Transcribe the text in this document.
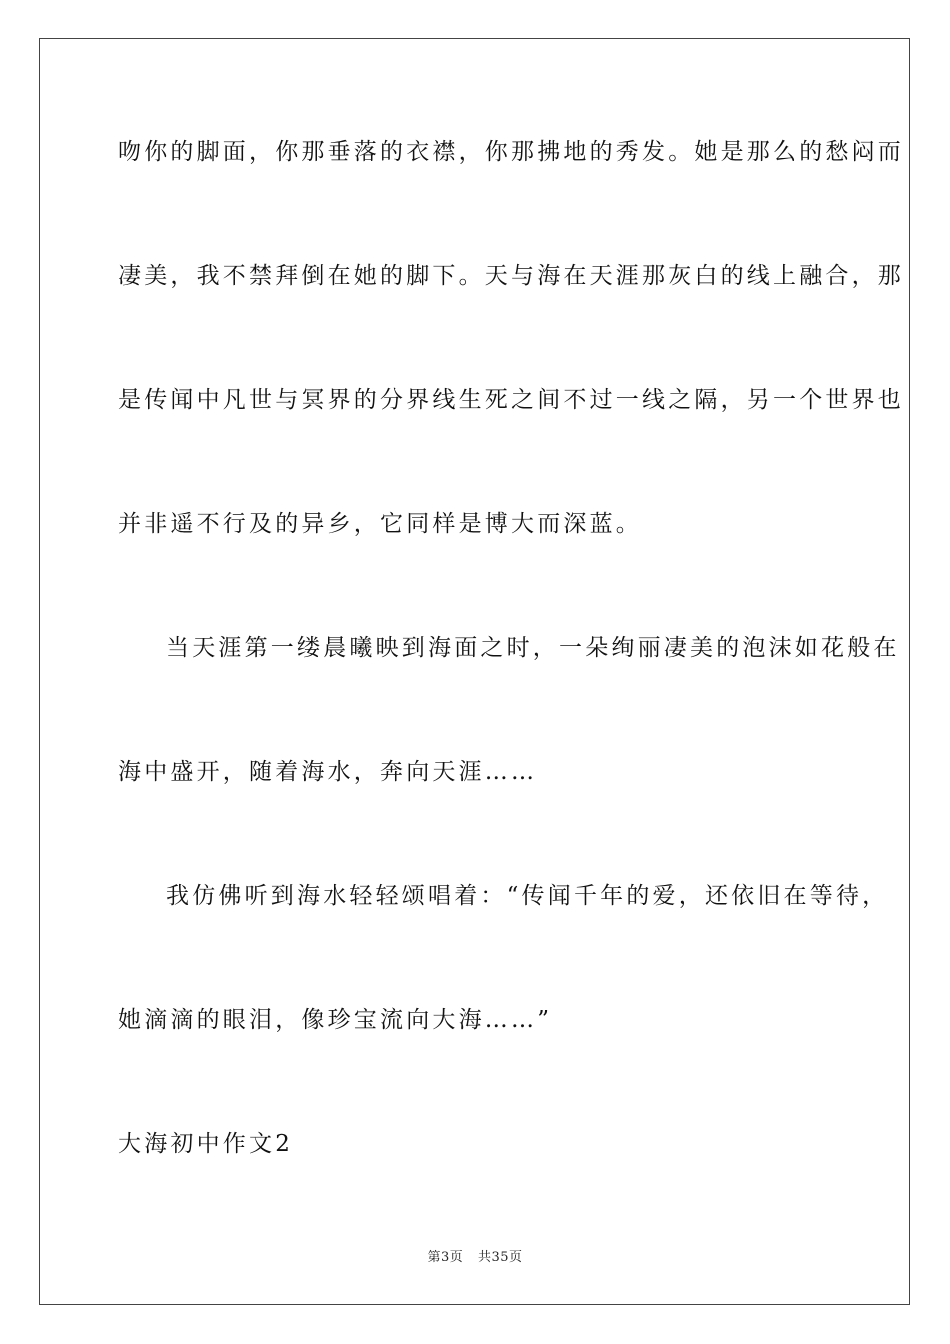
吻你的脚面，你那垂落的衣襟，你那拂地的秀发。她是那么的愁闷而
凄美，我不禁拜倒在她的脚下。天与海在天涯那灰白的线上融合，那
是传闻中凡世与冥界的分界线生死之间不过一线之隔，另一个世界也
并非遥不行及的异乡，它同样是博大而深蓝。
当天涯第一缕晨曦映到海面之时，一朵绚丽凄美的泡沫如花般在
海中盛开，随着海水，奔向天涯……
我仿佛听到海水轻轻颂唱着：“传闻千年的爱，还依旧在等待，
她滴滴的眼泪，像珍宝流向大海……”
大海初中作文2
第3页 共35页
